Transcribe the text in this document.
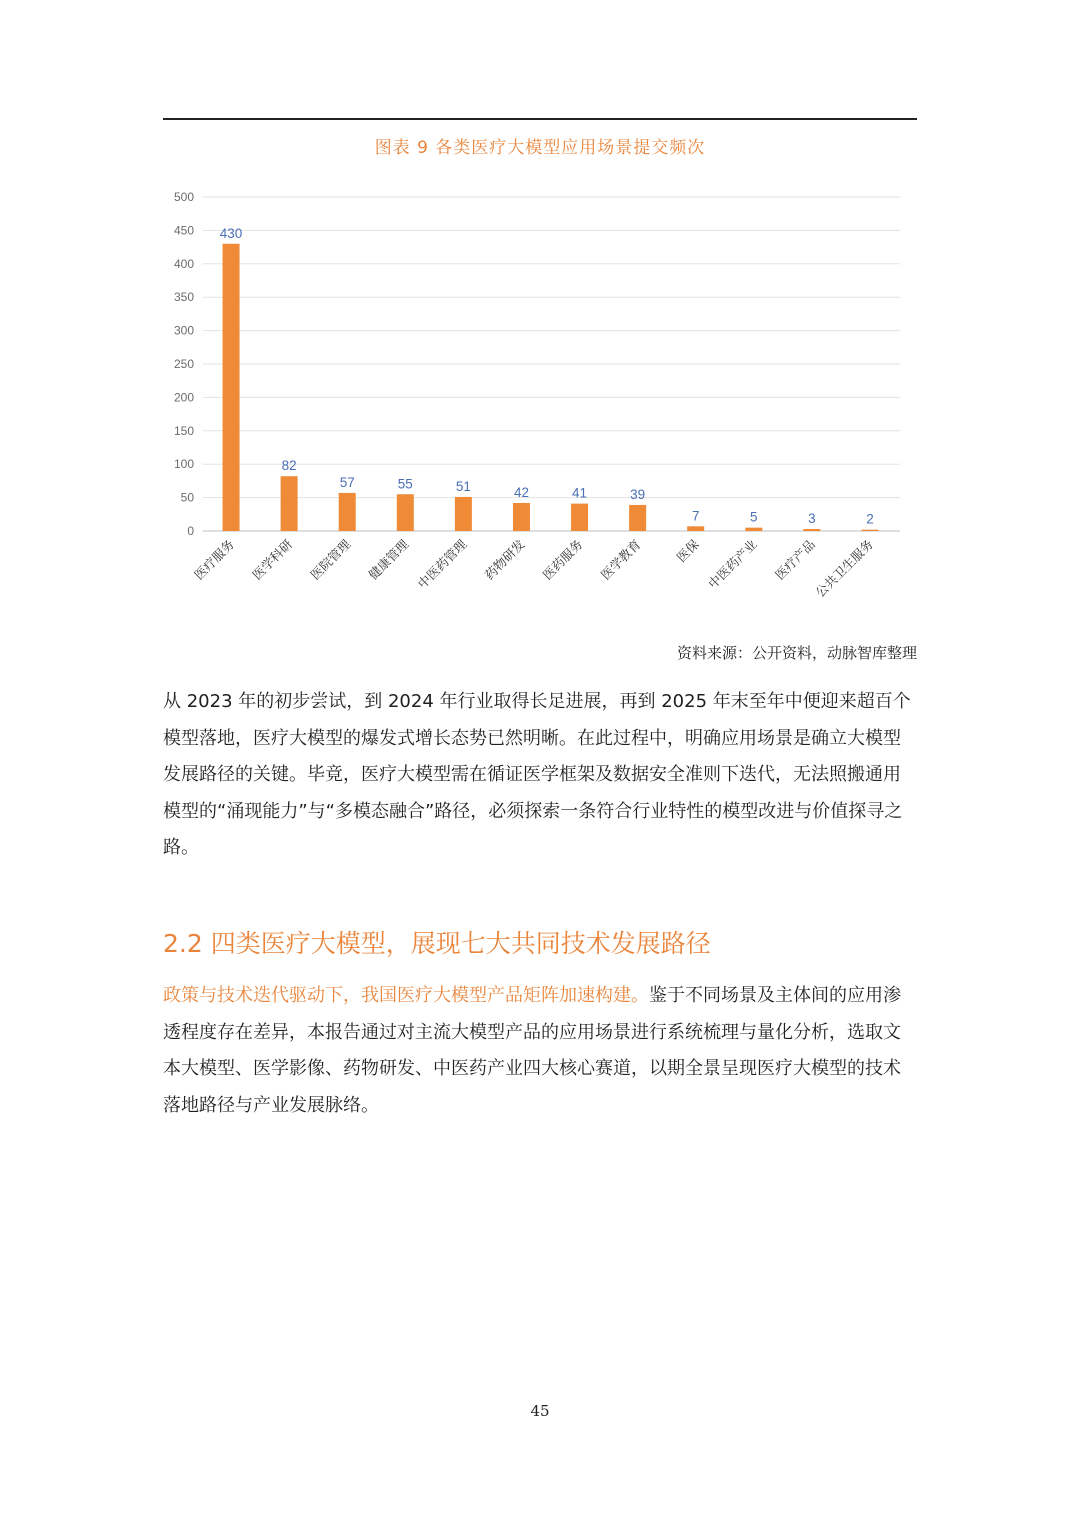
图表 9 各类医疗大模型应用场景提交频次
0
50
100
150
200
250
300
350
400
450
500
430
医疗服务
82
医学科研
57
医院管理
55
健康管理
51
中医药管理
42
药物研发
41
医药服务
39
医学教育
7
医保
5
中医药产业
3
医疗产品
2
公共卫生服务
资料来源：公开资料，动脉智库整理

从 2023 年的初步尝试，到 2024 年行业取得长足进展，再到 2025 年末至年中便迎来超百个模型落地，医疗大模型的爆发式增长态势已然明晰。在此过程中，明确应用场景是确立大模型发展路径的关键。毕竟，医疗大模型需在循证医学框架及数据安全准则下迭代，无法照搬通用模型的“涌现能力”与“多模态融合”路径，必须探索一条符合行业特性的模型改进与价值探寻之路。

2.2 四类医疗大模型，展现七大共同技术发展路径

政策与技术迭代驱动下，我国医疗大模型产品矩阵加速构建。鉴于不同场景及主体间的应用渗透程度存在差异，本报告通过对主流大模型产品的应用场景进行系统梳理与量化分析，选取文本大模型、医学影像、药物研发、中医药产业四大核心赛道，以期全景呈现医疗大模型的技术落地路径与产业发展脉络。

45
